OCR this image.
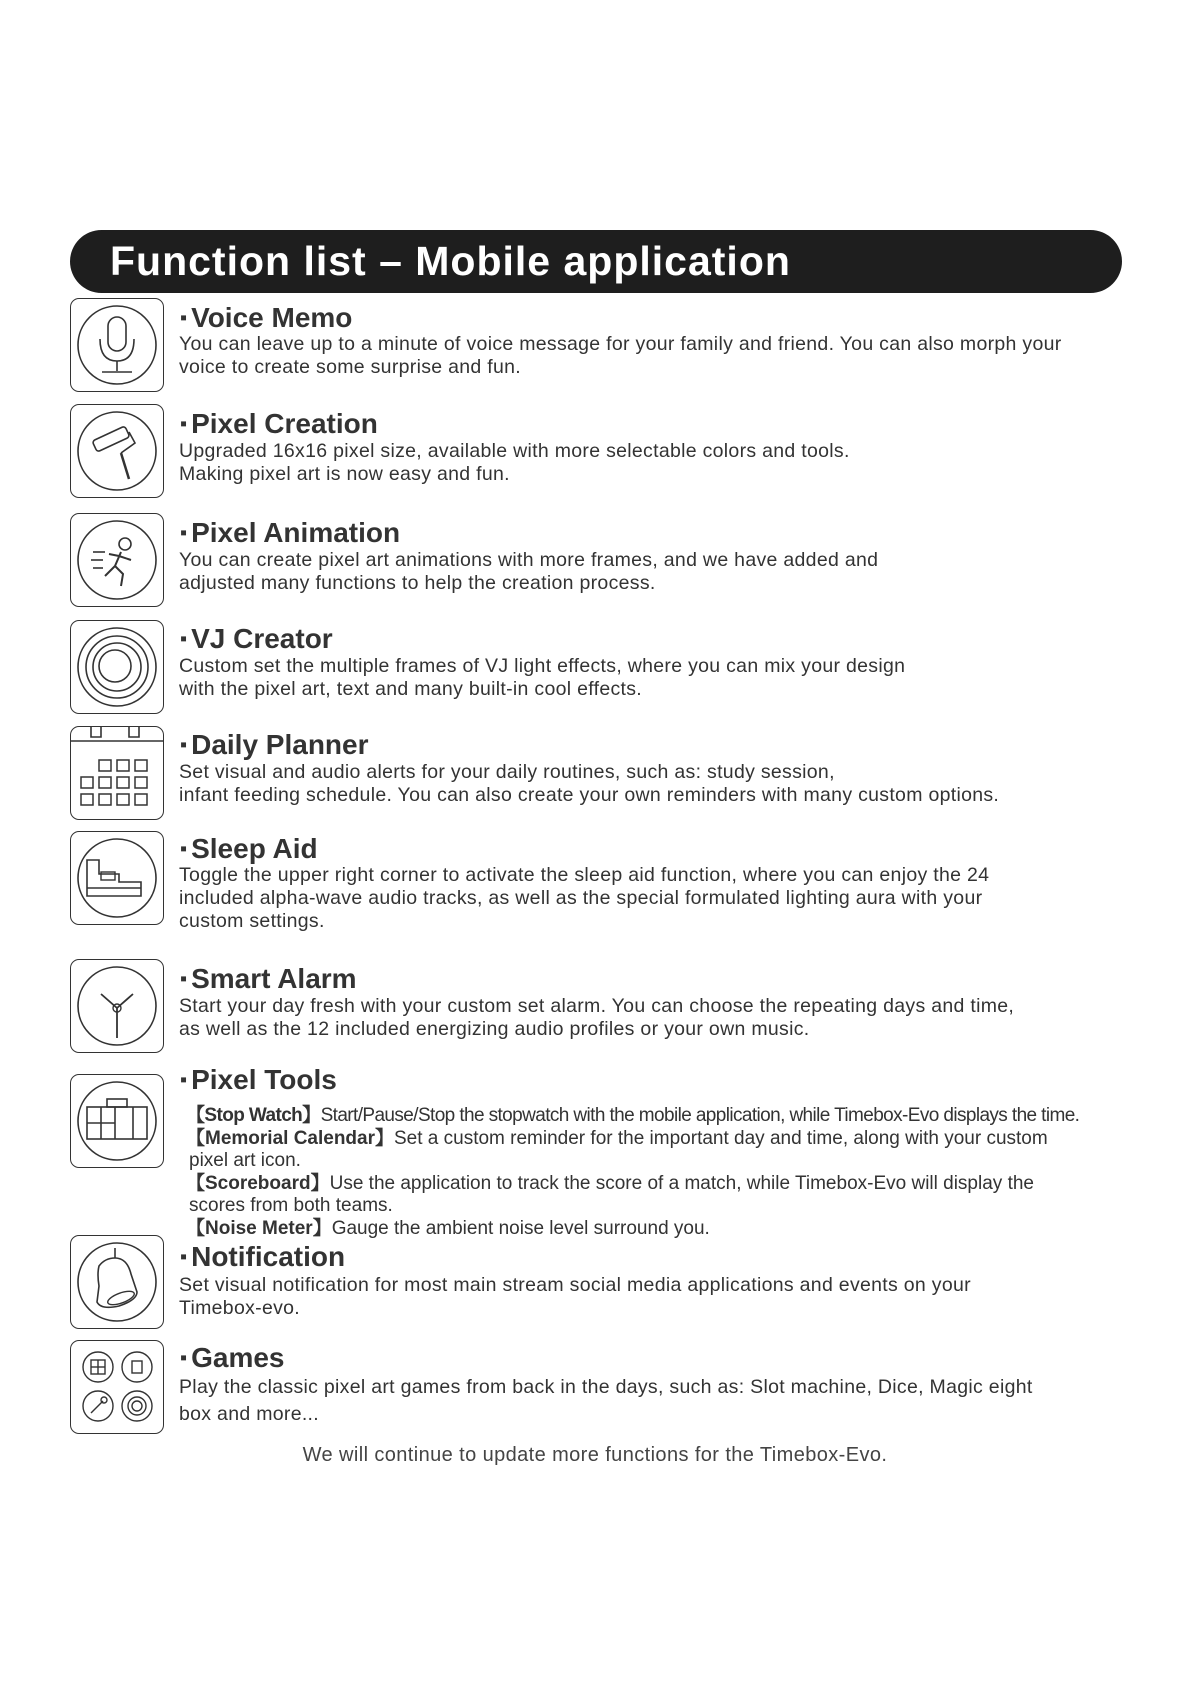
Function list – Mobile application
▪ Voice Memo
You can leave up to a minute of voice message for your family and friend. You can also morph your
voice to create some surprise and fun.
▪ Pixel Creation
Upgraded 16x16 pixel size, available with more selectable colors and tools.
Making pixel art is now easy and fun.
▪ Pixel Animation
You can create pixel art animations with more frames, and we have added and
adjusted many functions to help the creation process.
▪ VJ Creator
Custom set the multiple frames of VJ light effects, where you can mix your design
with the pixel art, text and many built-in cool effects.
▪ Daily Planner
Set visual and audio alerts for your daily routines, such as: study session,
infant feeding schedule. You can also create your own reminders with many custom options.
▪ Sleep Aid
Toggle the upper right corner to activate the sleep aid function, where you can enjoy the 24
included alpha-wave audio tracks, as well as the special formulated lighting aura with your
custom settings.
▪ Smart Alarm
Start your day fresh with your custom set alarm. You can choose the repeating days and time,
as well as the 12 included energizing audio profiles or your own music.
▪ Pixel Tools
【Stop Watch】Start/Pause/Stop the stopwatch with the mobile application, while Timebox-Evo displays the time.
【Memorial Calendar】Set a custom reminder for the important day and time, along with your custom
pixel art icon.
【Scoreboard】Use the application to track the score of a match, while Timebox-Evo will display the
scores from both teams.
【Noise Meter】Gauge the ambient noise level surround you.
▪ Notification
Set visual notification for most main stream social media applications and events on your
Timebox-evo.
▪ Games
Play the classic pixel art games from back in the days, such as: Slot machine, Dice, Magic eight
box and more...
We will continue to update more functions for the Timebox-Evo.
